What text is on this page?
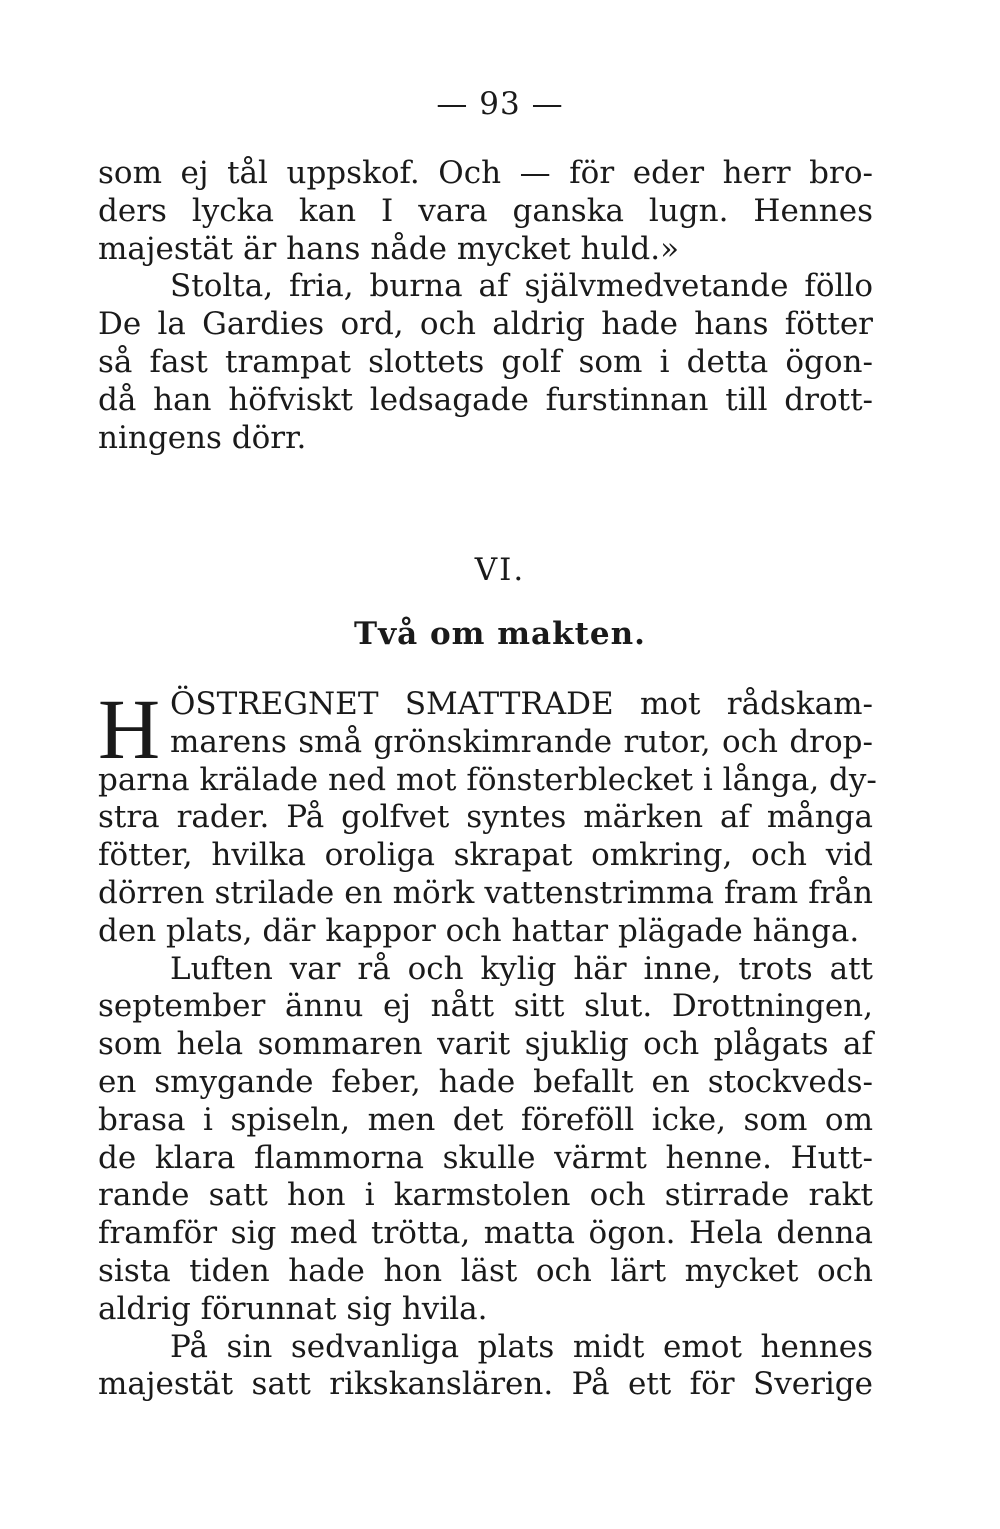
— 93 —
som ej tål uppskof. Och — för eder herr bro-
ders lycka kan I vara ganska lugn. Hennes
majestät är hans nåde mycket huld.»
Stolta, fria, burna af självmedvetande föllo
De la Gardies ord, och aldrig hade hans fötter
så fast trampat slottets golf som i detta ögon-
då han höfviskt ledsagade furstinnan till drott-
ningens dörr.
VI.
Två om makten.
H ÖSTREGNET SMATTRADE mot rådskam-
marens små grönskimrande rutor, och drop-
parna krälade ned mot fönsterblecket i långa, dy-
stra rader. På golfvet syntes märken af många
fötter, hvilka oroliga skrapat omkring, och vid
dörren strilade en mörk vattenstrimma fram från
den plats, där kappor och hattar plägade hänga.
Luften var rå och kylig här inne, trots att
september ännu ej nått sitt slut. Drottningen,
som hela sommaren varit sjuklig och plågats af
en smygande feber, hade befallt en stockveds-
brasa i spiseln, men det föreföll icke, som om
de klara flammorna skulle värmt henne. Hutt-
rande satt hon i karmstolen och stirrade rakt
framför sig med trötta, matta ögon. Hela denna
sista tiden hade hon läst och lärt mycket och
aldrig förunnat sig hvila.
På sin sedvanliga plats midt emot hennes
majestät satt rikskanslären. På ett för Sverige
